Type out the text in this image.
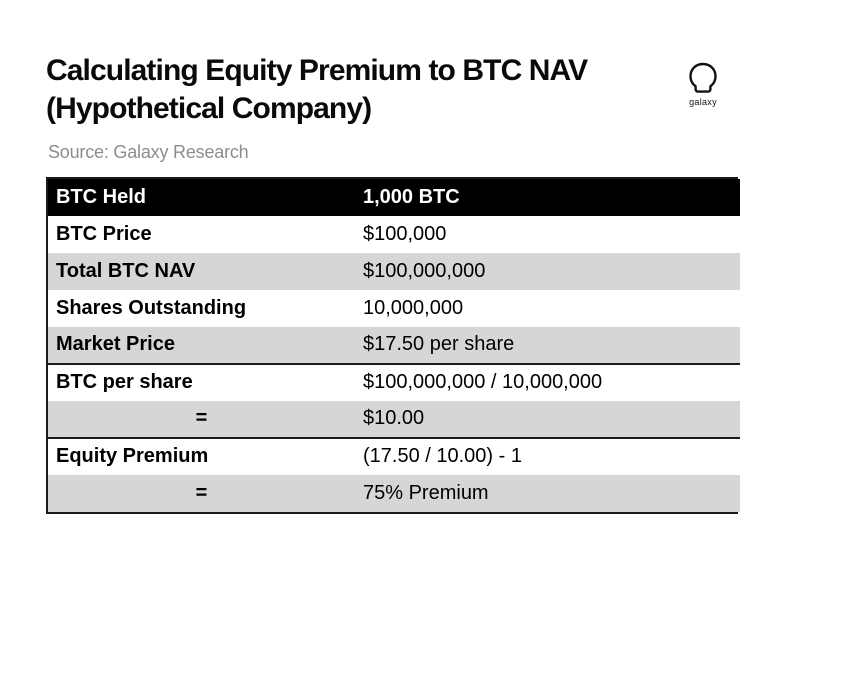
Calculating Equity Premium to BTC NAV (Hypothetical Company)	galaxy
Source: Galaxy Research
BTC Held	1,000 BTC
BTC Price	$100,000
Total BTC NAV	$100,000,000
Shares Outstanding	10,000,000
Market Price	$17.50 per share
BTC per share	$100,000,000 / 10,000,000
=	$10.00
Equity Premium	(17.50 / 10.00) - 1
=	75% Premium
